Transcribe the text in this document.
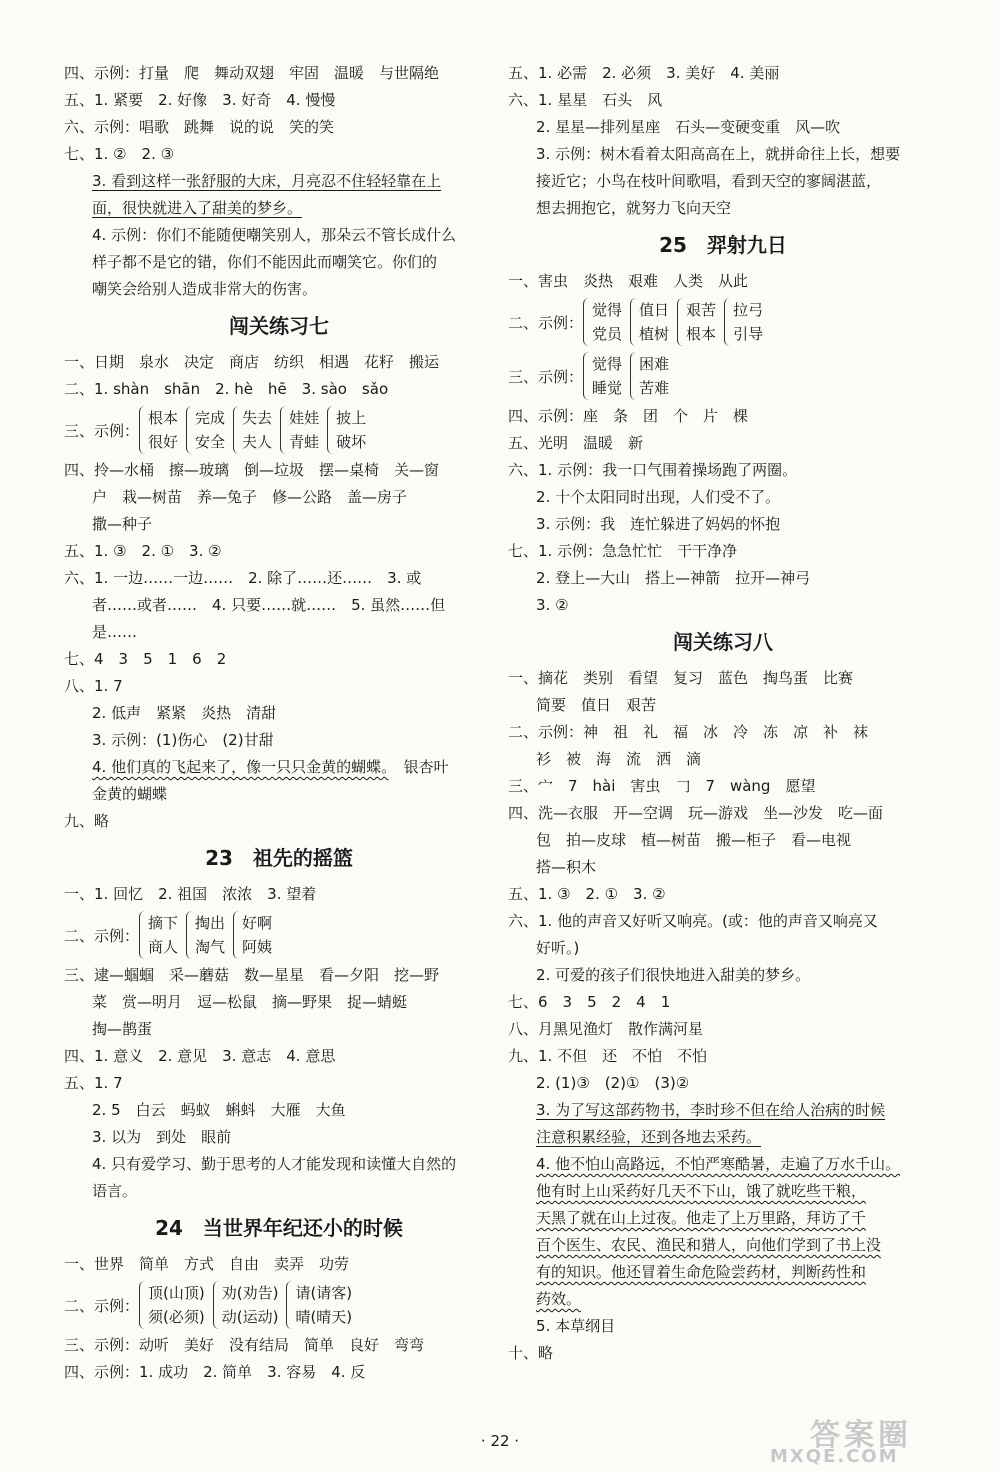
四、示例：打量　爬　舞动双翅　牢固　温暖　与世隔绝
五、1. 紧要　2. 好像　3. 好奇　4. 慢慢
六、示例：唱歌　跳舞　说的说　笑的笑
七、1. ②　2. ③
3. 看到这样一张舒服的大床，月亮忍不住轻轻靠在上
面，很快就进入了甜美的梦乡。
4. 示例：你们不能随便嘲笑别人，那朵云不管长成什么
样子都不是它的错，你们不能因此而嘲笑它。你们的
嘲笑会给别人造成非常大的伤害。
闯关练习七
一、日期　泉水　决定　商店　纺织　相遇　花籽　搬运
二、1. shàn　shān　2. hè　hē　3. sào　sǎo
三、示例：
根本
很好
完成
安全
失去
夫人
娃娃
青蛙
披上
破坏
四、拎—水桶　擦—玻璃　倒—垃圾　摆—桌椅　关—窗
户　栽—树苗　养—兔子　修—公路　盖—房子
撒—种子
五、1. ③　2. ①　3. ②
六、1. 一边……一边……　2. 除了……还……　3. 或
者……或者……　4. 只要……就……　5. 虽然……但
是……
七、4　3　5　1　6　2
八、1. 7
2. 低声　紧紧　炎热　清甜
3. 示例：(1)伤心　(2)甘甜
4. 他们真的飞起来了，像一只只金黄的蝴蝶。　银杏叶
金黄的蝴蝶
九、略
23　祖先的摇篮
一、1. 回忆　2. 祖国　浓浓　3. 望着
二、示例：
摘下
商人
掏出
淘气
好啊
阿姨
三、逮—蝈蝈　采—蘑菇　数—星星　看—夕阳　挖—野
菜　赏—明月　逗—松鼠　摘—野果　捉—蜻蜓
掏—鹊蛋
四、1. 意义　2. 意见　3. 意志　4. 意思
五、1. 7
2. 5　白云　蚂蚁　蝌蚪　大雁　大鱼
3. 以为　到处　眼前
4. 只有爱学习、勤于思考的人才能发现和读懂大自然的
语言。
24　当世界年纪还小的时候
一、世界　简单　方式　自由　卖弄　功劳
二、示例：
顶(山顶)
须(必须)
劝(劝告)
动(运动)
请(请客)
晴(晴天)
三、示例：动听　美好　没有结局　简单　良好　弯弯
四、示例：1. 成功　2. 简单　3. 容易　4. 反
五、1. 必需　2. 必须　3. 美好　4. 美丽
六、1. 星星　石头　风
2. 星星—排列星座　石头—变硬变重　风—吹
3. 示例：树木看着太阳高高在上，就拼命往上长，想要
接近它；小鸟在枝叶间歌唱，看到天空的寥阔湛蓝，
想去拥抱它，就努力飞向天空
25　羿射九日
一、害虫　炎热　艰难　人类　从此
二、示例：
觉得
党员
值日
植树
艰苦
根本
拉弓
引导
三、示例：
觉得
睡觉
困难
苦难
四、示例：座　条　团　个　片　棵
五、光明　温暖　新
六、1. 示例：我一口气围着操场跑了两圈。
2. 十个太阳同时出现，人们受不了。
3. 示例：我　连忙躲进了妈妈的怀抱
七、1. 示例：急急忙忙　干干净净
2. 登上—大山　搭上—神箭　拉开—神弓
3. ②
闯关练习八
一、摘花　类别　看望　复习　蓝色　掏鸟蛋　比赛
简要　值日　艰苦
二、示例：神　祖　礼　福　冰　冷　冻　凉　补　袜
衫　被　海　流　洒　滴
三、宀　7　hài　害虫　𠃌　7　wàng　愿望
四、洗—衣服　开—空调　玩—游戏　坐—沙发　吃—面
包　拍—皮球　植—树苗　搬—柜子　看—电视
搭—积木
五、1. ③　2. ①　3. ②
六、1. 他的声音又好听又响亮。(或：他的声音又响亮又
好听。)
2. 可爱的孩子们很快地进入甜美的梦乡。
七、6　3　5　2　4　1
八、月黑见渔灯　散作满河星
九、1. 不但　还　不怕　不怕
2. (1)③　(2)①　(3)②
3. 为了写这部药物书，李时珍不但在给人治病的时候
注意积累经验，还到各地去采药。
4. 他不怕山高路远，不怕严寒酷暑，走遍了万水千山。
他有时上山采药好几天不下山，饿了就吃些干粮，
天黑了就在山上过夜。他走了上万里路，拜访了千
百个医生、农民、渔民和猎人，向他们学到了书上没
有的知识。他还冒着生命危险尝药材，判断药性和
药效。
5. 本草纲目
十、略
· 22 ·	答案圈
MXQE.COM
